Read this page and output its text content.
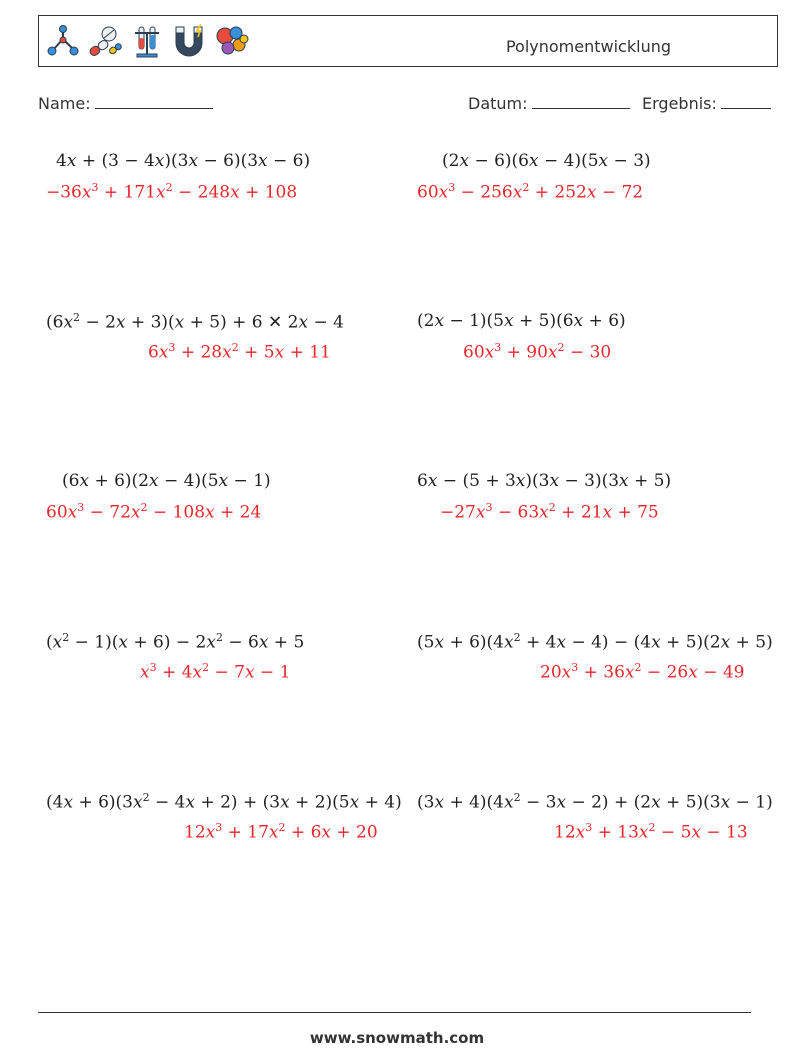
Polynomentwicklung
Name:	Datum:	Ergebnis:
4x + (3 − 4x)(3x − 6)(3x − 6)
$-36x^3 + 171x^2 - 248x + 108$
(2x − 6)(6x − 4)(5x − 3)
$60x^3 - 256x^2 + 252x - 72$
$(6x^2 - 2x + 3)(x + 5) + 6$ ✕ 2x − 4
$6x^3 + 28x^2 + 5x + 11$
(2x − 1)(5x + 5)(6x + 6)
$60x^3 + 90x^2 - 30$
(6x + 6)(2x − 4)(5x − 1)
$60x^3 - 72x^2 - 108x + 24$
6x − (5 + 3x)(3x − 3)(3x + 5)
$-27x^3 - 63x^2 + 21x + 75$
$(x^2 - 1)(x + 6) - 2x^2 - 6x + 5$
$x^3 + 4x^2 - 7x - 1$
$(5x + 6)(4x^2 + 4x - 4) - (4x + 5)(2x + 5)$
$20x^3 + 36x^2 - 26x - 49$
$(4x + 6)(3x^2 - 4x + 2) + (3x + 2)(5x + 4)$
$12x^3 + 17x^2 + 6x + 20$
$(3x + 4)(4x^2 - 3x - 2) + (2x + 5)(3x - 1)$
$12x^3 + 13x^2 - 5x - 13$
www.snowmath.com
